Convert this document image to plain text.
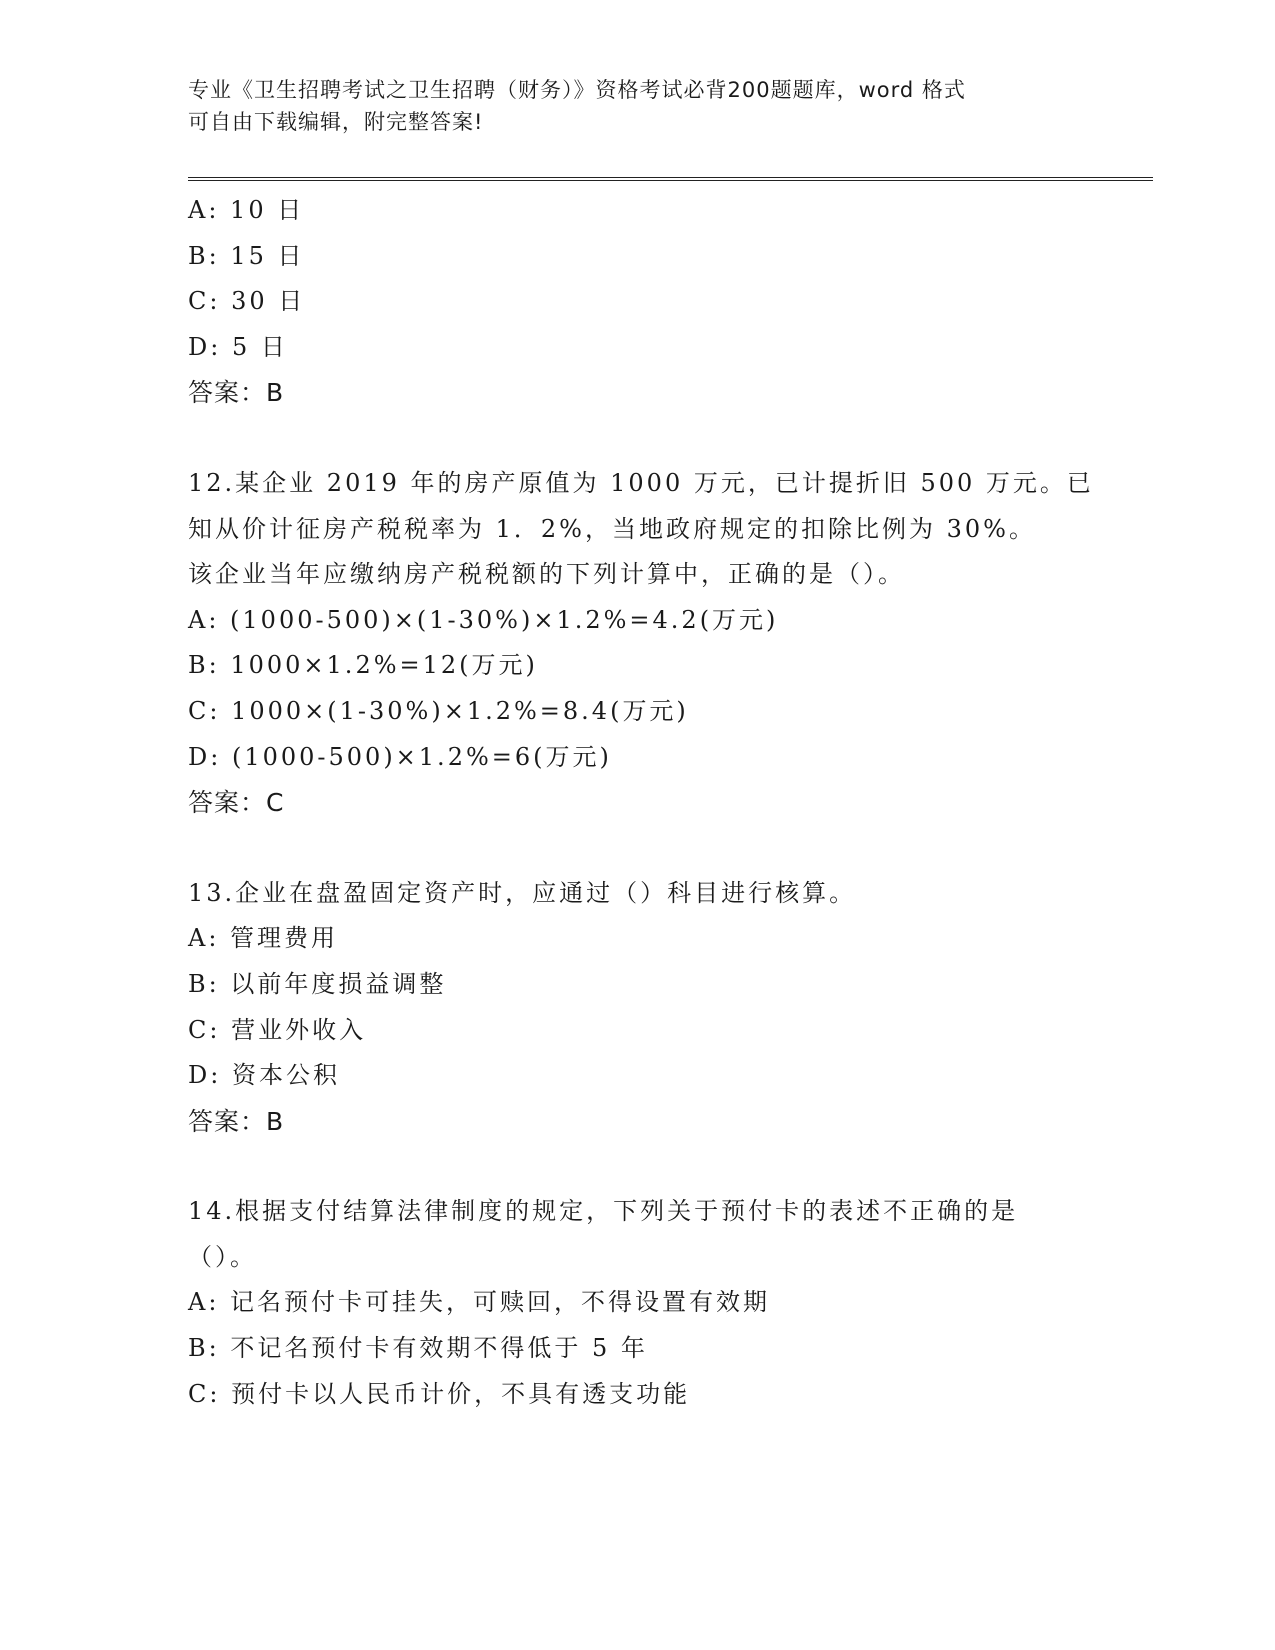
专业《卫生招聘考试之卫生招聘（财务）》资格考试必背200题题库，word 格式
可自由下载编辑，附完整答案!
A: 10 日
B: 15 日
C: 30 日
D: 5 日
答案：B
12.某企业 2019 年的房产原值为 1000 万元，已计提折旧 500 万元。已
知从价计征房产税税率为 1．2%，当地政府规定的扣除比例为 30%。
该企业当年应缴纳房产税税额的下列计算中，正确的是（）。
A: (1000-500)×(1-30%)×1.2%=4.2(万元)
B: 1000×1.2%=12(万元)
C: 1000×(1-30%)×1.2%=8.4(万元)
D: (1000-500)×1.2%=6(万元)
答案：C
13.企业在盘盈固定资产时，应通过（）科目进行核算。
A: 管理费用
B: 以前年度损益调整
C: 营业外收入
D: 资本公积
答案：B
14.根据支付结算法律制度的规定，下列关于预付卡的表述不正确的是
（）。
A: 记名预付卡可挂失，可赎回，不得设置有效期
B: 不记名预付卡有效期不得低于 5 年
C: 预付卡以人民币计价，不具有透支功能
